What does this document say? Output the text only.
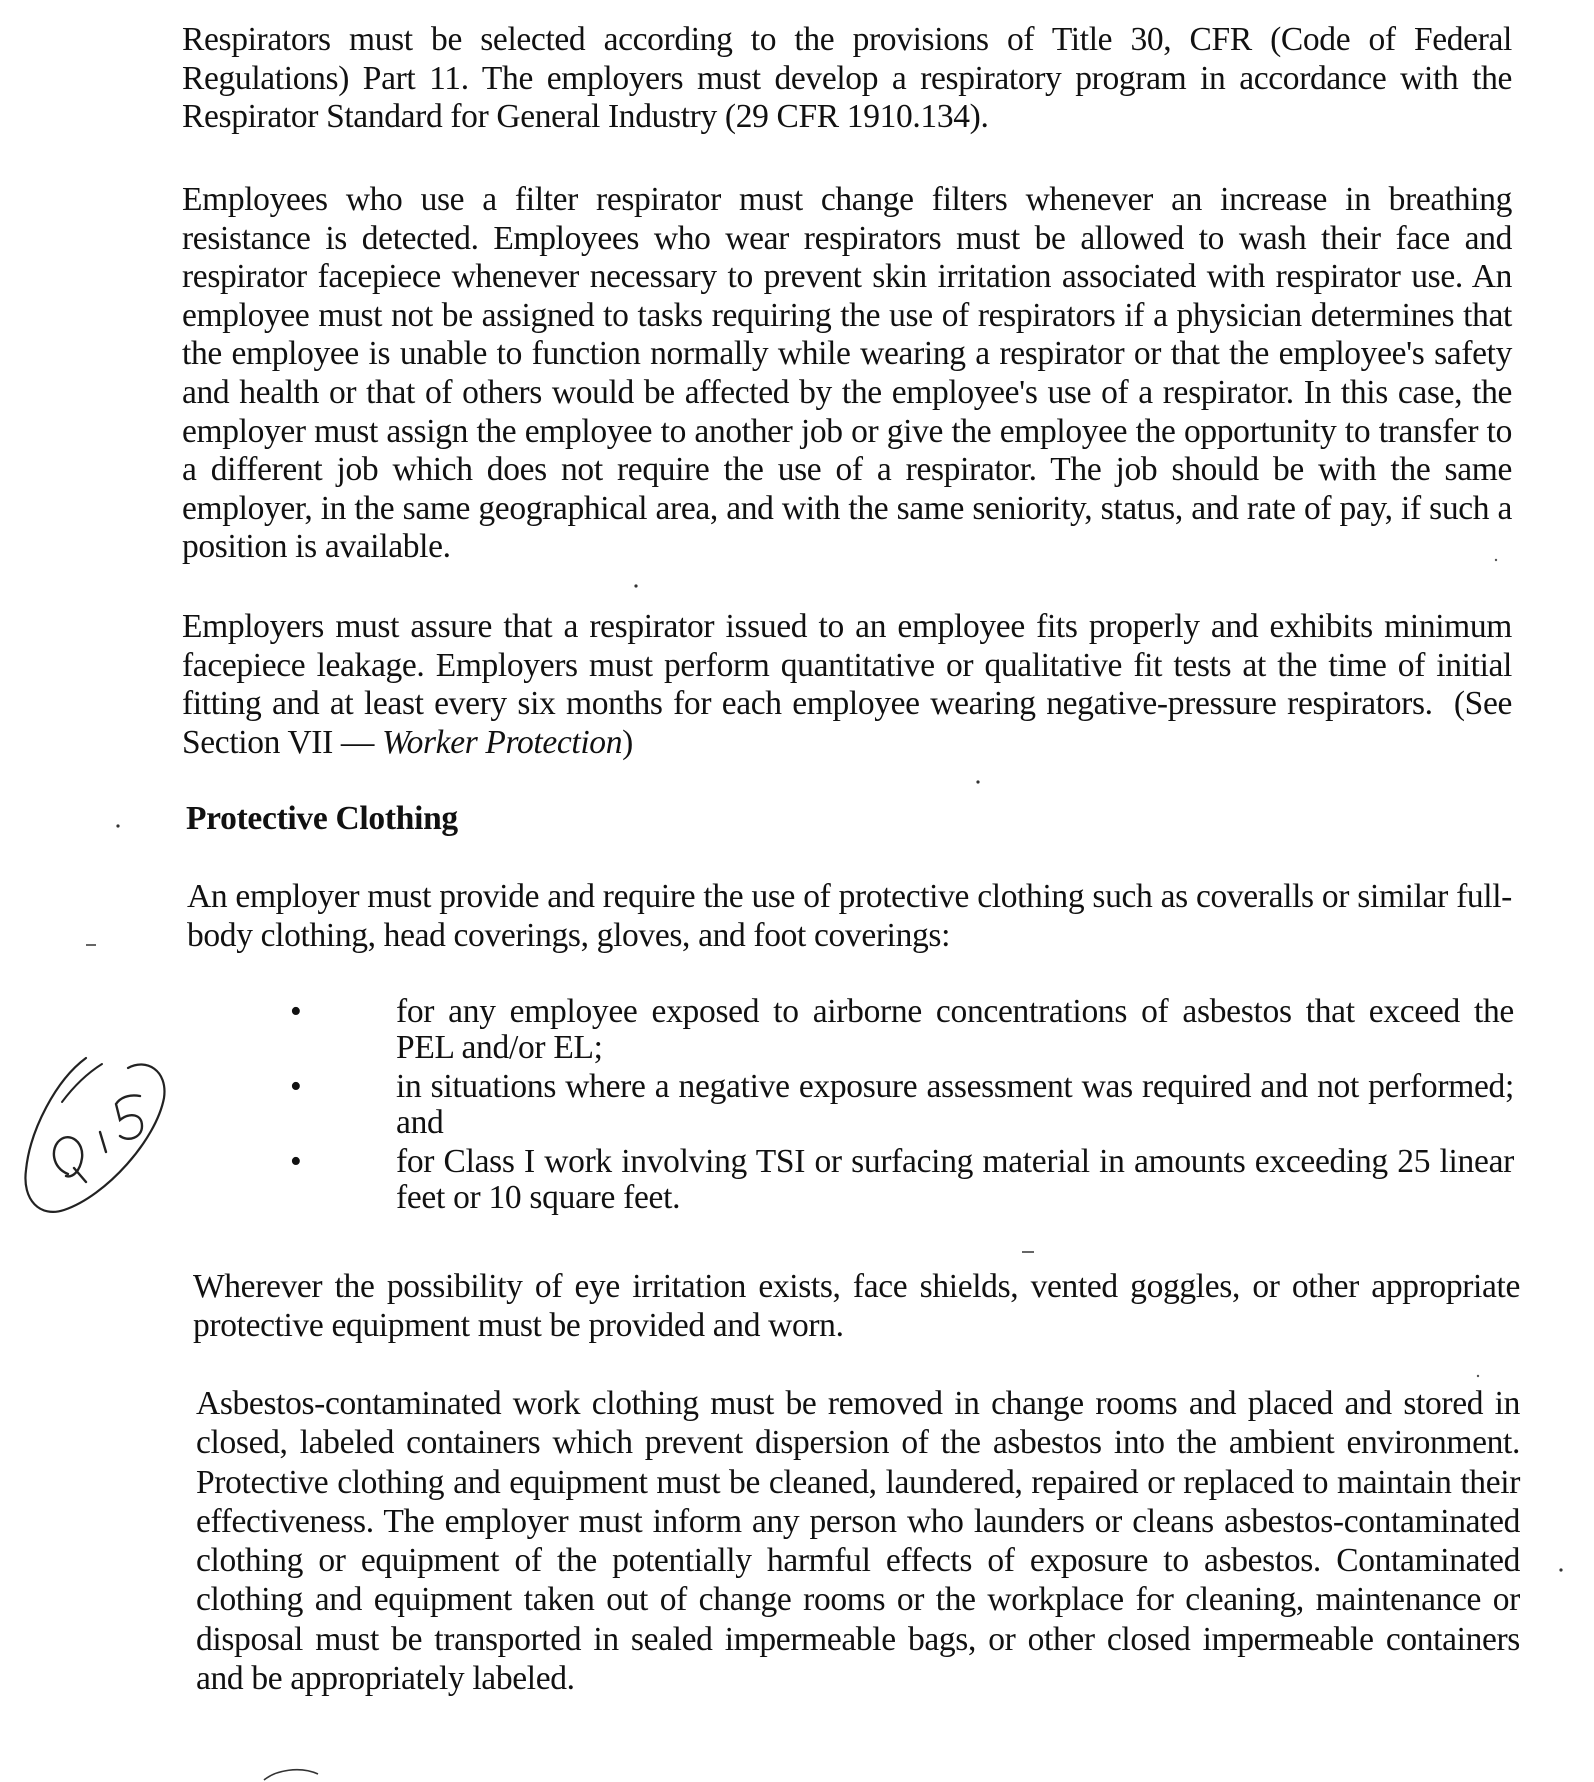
Respirators must be selected according to the provisions of Title 30, CFR (Code of Federal Regulations) Part 11. The employers must develop a respiratory program in accordance with the Respirator Standard for General Industry (29 CFR 1910.134).

Employees who use a filter respirator must change filters whenever an increase in breathing resistance is detected. Employees who wear respirators must be allowed to wash their face and respirator facepiece whenever necessary to prevent skin irritation associated with respirator use. An employee must not be assigned to tasks requiring the use of respirators if a physician determines that the employee is unable to function normally while wearing a respirator or that the employee's safety and health or that of others would be affected by the employee's use of a respirator. In this case, the employer must assign the employee to another job or give the employee the opportunity to transfer to a different job which does not require the use of a respirator. The job should be with the same employer, in the same geographical area, and with the same seniority, status, and rate of pay, if such a position is available.

Employers must assure that a respirator issued to an employee fits properly and exhibits minimum facepiece leakage. Employers must perform quantitative or qualitative fit tests at the time of initial fitting and at least every six months for each employee wearing negative-pressure respirators. (See Section VII — Worker Protection)

Protective Clothing

An employer must provide and require the use of protective clothing such as coveralls or similar full-body clothing, head coverings, gloves, and foot coverings:

•	for any employee exposed to airborne concentrations of asbestos that exceed the PEL and/or EL;
•	in situations where a negative exposure assessment was required and not performed; and
•	for Class I work involving TSI or surfacing material in amounts exceeding 25 linear feet or 10 square feet.

Wherever the possibility of eye irritation exists, face shields, vented goggles, or other appropriate protective equipment must be provided and worn.

Asbestos-contaminated work clothing must be removed in change rooms and placed and stored in closed, labeled containers which prevent dispersion of the asbestos into the ambient environment. Protective clothing and equipment must be cleaned, laundered, repaired or replaced to maintain their effectiveness. The employer must inform any person who launders or cleans asbestos-contaminated clothing or equipment of the potentially harmful effects of exposure to asbestos. Contaminated clothing and equipment taken out of change rooms or the workplace for cleaning, maintenance or disposal must be transported in sealed impermeable bags, or other closed impermeable containers and be appropriately labeled.
